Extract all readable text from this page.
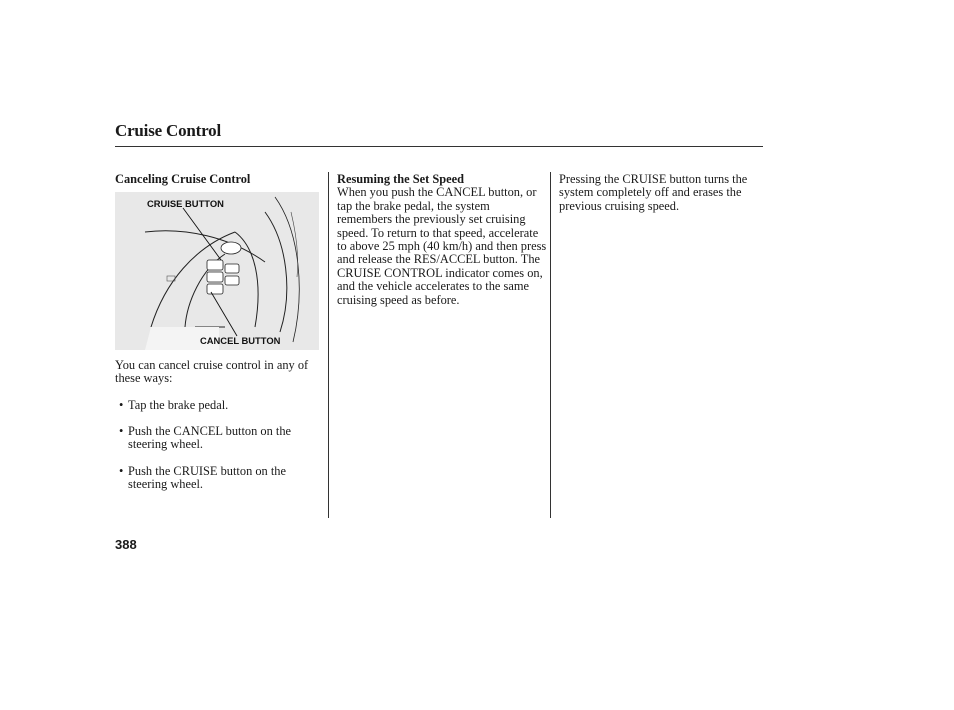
Cruise Control
Canceling Cruise Control
CRUISE BUTTON
CANCEL BUTTON
You can cancel cruise control in any of these ways:
• Tap the brake pedal.
• Push the CANCEL button on the steering wheel.
• Push the CRUISE button on the steering wheel.
Resuming the Set Speed
When you push the CANCEL button, or tap the brake pedal, the system remembers the previously set cruising speed. To return to that speed, accelerate to above 25 mph (40 km/h) and then press and release the RES/ACCEL button. The CRUISE CONTROL indicator comes on, and the vehicle accelerates to the same cruising speed as before.
Pressing the CRUISE button turns the system completely off and erases the previous cruising speed.
388
